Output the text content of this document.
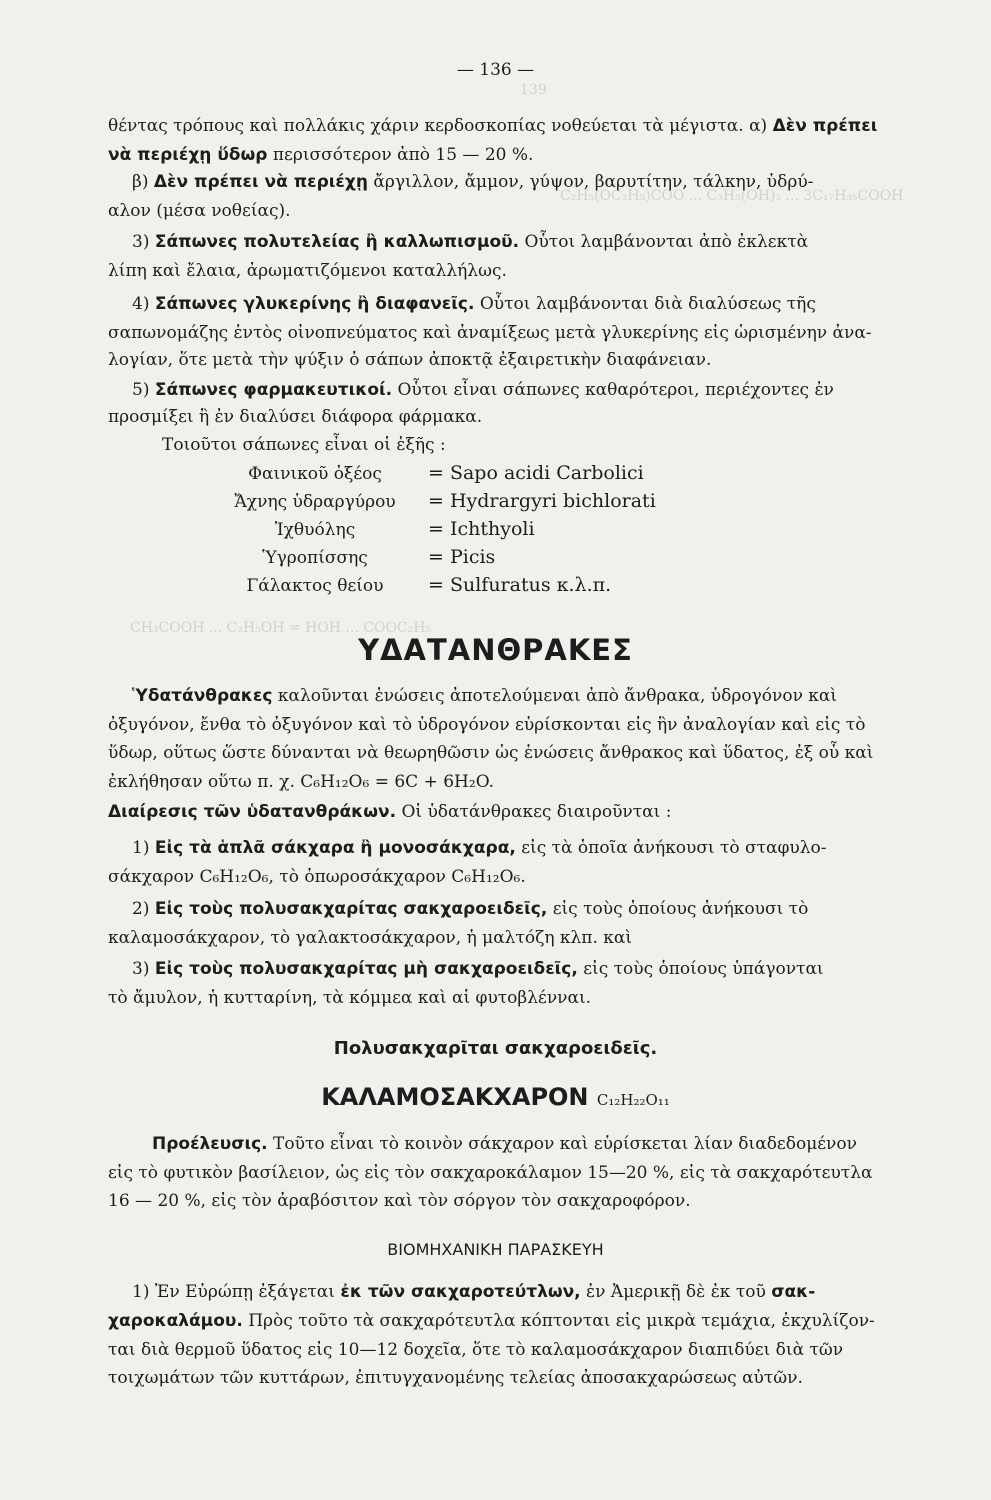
139
C₂H₅(OC₂H₅)COO ... C₃H₅(OH)₃ ... 3C₁₇H₃₅COOH
CH₃COOH ... C₂H₅OH = HOH ... COOC₂H₅
— 136 —
θέντας τρόπους καὶ πολλάκις χάριν κερδοσκοπίας νοθεύεται τὰ μέγιστα. α) Δὲν πρέπει
νὰ περιέχῃ ὕδωρ περισσότερον ἀπὸ 15 — 20 %.
β) Δὲν πρέπει νὰ περιέχῃ ἄργιλλον, ἄμμον, γύψον, βαρυτίτην, τάλκην, ὑδρύ-
αλον (μέσα νοθείας).
3) Σάπωνες πολυτελείας ἢ καλλωπισμοῦ. Οὗτοι λαμβάνονται ἀπὸ ἐκλεκτὰ
λίπη καὶ ἔλαια, ἀρωματιζόμενοι καταλλήλως.
4) Σάπωνες γλυκερίνης ἢ διαφανεῖς. Οὗτοι λαμβάνονται διὰ διαλύσεως τῆς
σαπωνομάζης ἐντὸς οἰνοπνεύματος καὶ ἀναμίξεως μετὰ γλυκερίνης εἰς ὡρισμένην ἀνα-
λογίαν, ὅτε μετὰ τὴν ψύξιν ὁ σάπων ἀποκτᾷ ἐξαιρετικὴν διαφάνειαν.
5) Σάπωνες φαρμακευτικοί. Οὗτοι εἶναι σάπωνες καθαρότεροι, περιέχοντες ἐν
προσμίξει ἢ ἐν διαλύσει διάφορα φάρμακα.
Τοιοῦτοι σάπωνες εἶναι οἱ ἑξῆς :
Φαινικοῦ ὀξέος	= Sapo acidi Carbolici
Ἄχνης ὑδραργύρου	= Hydrargyri bichlorati
Ἰχθυόλης	= Ichthyoli
Ὑγροπίσσης	= Picis
Γάλακτος θείου	= Sulfuratus κ.λ.π.
ΥΔΑΤΑΝΘΡΑΚΕΣ
Ὑδατάνθρακες καλοῦνται ἑνώσεις ἀποτελούμεναι ἀπὸ ἄνθρακα, ὑδρογόνον καὶ
ὀξυγόνον, ἔνθα τὸ ὀξυγόνον καὶ τὸ ὑδρογόνον εὑρίσκονται εἰς ἣν ἀναλογίαν καὶ εἰς τὸ
ὕδωρ, οὕτως ὥστε δύνανται νὰ θεωρηθῶσιν ὡς ἑνώσεις ἄνθρακος καὶ ὕδατος, ἐξ οὗ καὶ
ἐκλήθησαν οὕτω π. χ. C₆H₁₂O₆ = 6C + 6H₂O.
Διαίρεσις τῶν ὑδατανθράκων. Οἱ ὑδατάνθρακες διαιροῦνται :
1) Εἰς τὰ ἁπλᾶ σάκχαρα ἢ μονοσάκχαρα, εἰς τὰ ὁποῖα ἀνήκουσι τὸ σταφυλο-
σάκχαρον C₆H₁₂O₆, τὸ ὀπωροσάκχαρον C₆H₁₂O₆.
2) Εἰς τοὺς πολυσακχαρίτας σακχαροειδεῖς, εἰς τοὺς ὁποίους ἀνήκουσι τὸ
καλαμοσάκχαρον, τὸ γαλακτοσάκχαρον, ἡ μαλτόζη κλπ. καὶ
3) Εἰς τοὺς πολυσακχαρίτας μὴ σακχαροειδεῖς, εἰς τοὺς ὁποίους ὑπάγονται
τὸ ἄμυλον, ἡ κυτταρίνη, τὰ κόμμεα καὶ αἱ φυτοβλένναι.
Πολυσακχαρῖται σακχαροειδεῖς.
ΚΑΛΑΜΟΣΑΚΧΑΡΟΝ C₁₂H₂₂O₁₁
Προέλευσις. Τοῦτο εἶναι τὸ κοινὸν σάκχαρον καὶ εὑρίσκεται λίαν διαδεδομένον
εἰς τὸ φυτικὸν βασίλειον, ὡς εἰς τὸν σακχαροκάλαμον 15—20 %, εἰς τὰ σακχαρότευτλα
16 — 20 %, εἰς τὸν ἀραβόσιτον καὶ τὸν σόργον τὸν σακχαροφόρον.
ΒΙΟΜΗΧΑΝΙΚΗ ΠΑΡΑΣΚΕΥΗ
1) Ἐν Εὐρώπῃ ἐξάγεται ἐκ τῶν σακχαροτεύτλων, ἐν Ἀμερικῇ δὲ ἐκ τοῦ σακ-
χαροκαλάμου. Πρὸς τοῦτο τὰ σακχαρότευτλα κόπτονται εἰς μικρὰ τεμάχια, ἐκχυλίζον-
ται διὰ θερμοῦ ὕδατος εἰς 10—12 δοχεῖα, ὅτε τὸ καλαμοσάκχαρον διαπιδύει διὰ τῶν
τοιχωμάτων τῶν κυττάρων, ἐπιτυγχανομένης τελείας ἀποσακχαρώσεως αὐτῶν.
